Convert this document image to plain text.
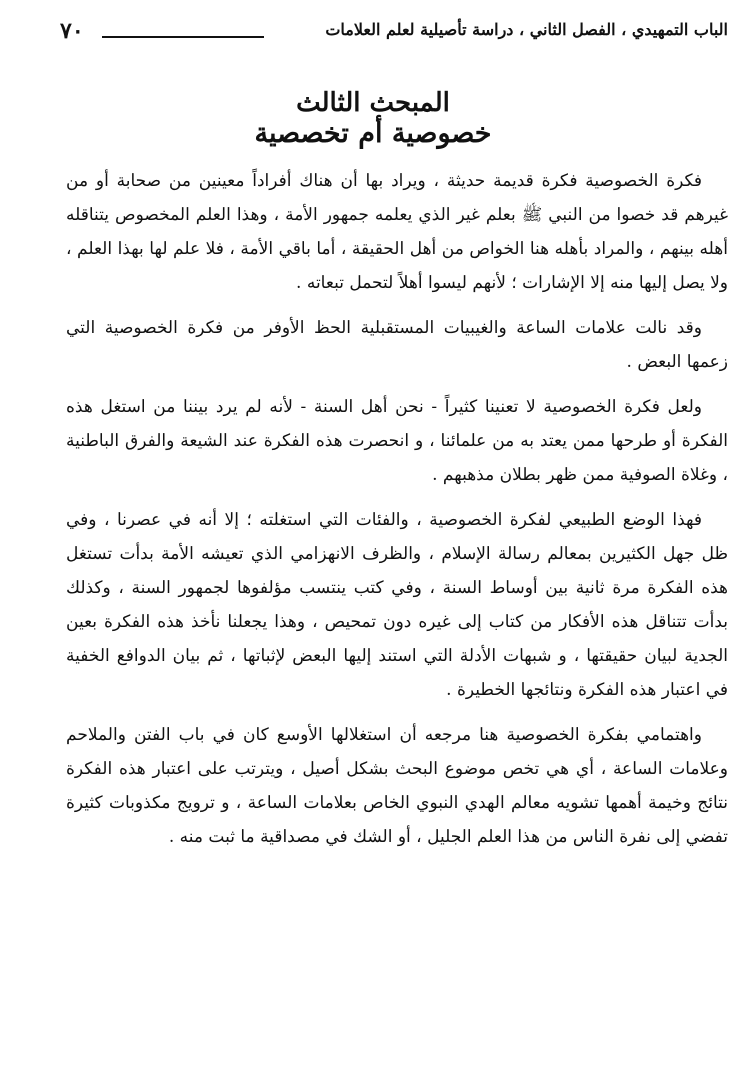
الباب التمهيدي ، الفصل الثاني ، دراسة تأصيلية لعلم العلامات
٧٠
المبحث الثالث
خصوصية أم تخصصية

فكرة الخصوصية فكرة قديمة حديثة ، ويراد بها أن هناك أفراداً معينين من صحابة أو من غيرهم قد خصوا من النبي ﷺ بعلم غير الذي يعلمه جمهور الأمة ، وهذا العلم المخصوص يتناقله أهله بينهم ، والمراد بأهله هنا الخواص من أهل الحقيقة ، أما باقي الأمة ، فلا علم لها بهذا العلم ، ولا يصل إليها منه إلا الإشارات ؛ لأنهم ليسوا أهلاً لتحمل تبعاته .

وقد نالت علامات الساعة والغيبيات المستقبلية الحظ الأوفر من فكرة الخصوصية التي زعمها البعض .

ولعل فكرة الخصوصية لا تعنينا كثيراً - نحن أهل السنة - لأنه لم يرد بيننا من استغل هذه الفكرة أو طرحها ممن يعتد به من علمائنا ، و انحصرت هذه الفكرة عند الشيعة والفرق الباطنية ، وغلاة الصوفية ممن ظهر بطلان مذهبهم .

فهذا الوضع الطبيعي لفكرة الخصوصية ، والفئات التي استغلته ؛ إلا أنه في عصرنا ، وفي ظل جهل الكثيرين بمعالم رسالة الإسلام ، والظرف الانهزامي الذي تعيشه الأمة بدأت تستغل هذه الفكرة مرة ثانية بين أوساط السنة ، وفي كتب ينتسب مؤلفوها لجمهور السنة ، وكذلك بدأت تتناقل هذه الأفكار من كتاب إلى غيره دون تمحيص ، وهذا يجعلنا نأخذ هذه الفكرة بعين الجدية لبيان حقيقتها ، و شبهات الأدلة التي استند إليها البعض لإثباتها ، ثم بيان الدوافع الخفية في اعتبار هذه الفكرة ونتائجها الخطيرة .

واهتمامي بفكرة الخصوصية هنا مرجعه أن استغلالها الأوسع كان في باب الفتن والملاحم وعلامات الساعة ، أي هي تخص موضوع البحث بشكل أصيل ، ويترتب على اعتبار هذه الفكرة نتائج وخيمة أهمها تشويه معالم الهدي النبوي الخاص بعلامات الساعة ، و ترويج مكذوبات كثيرة تفضي إلى نفرة الناس من هذا العلم الجليل ، أو الشك في مصداقية ما ثبت منه .
